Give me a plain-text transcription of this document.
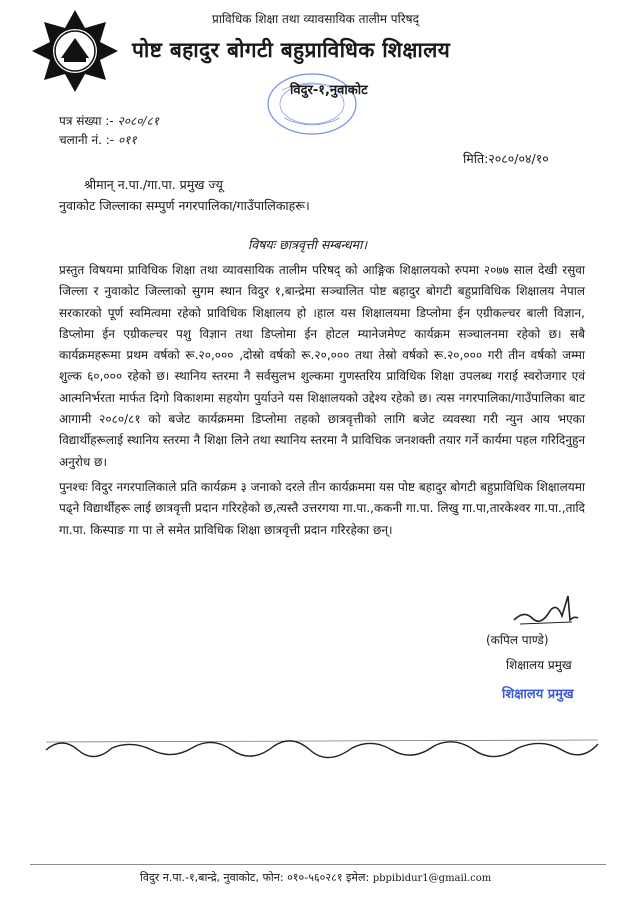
प्राविधिक शिक्षा तथा व्यावसायिक तालीम परिषद्
पोष्ट बहादुर बोगटी बहुप्राविधिक शिक्षालय
विदुर-१,नुवाकोट
पत्र संख्या :- २०८०/८१
चलानी नं. :- ०११
मिति:२०८०/०४/१०
श्रीमान् न.पा./गा.पा. प्रमुख ज्यू
नुवाकोट जिल्लाका सम्पुर्ण नगरपालिका/गाउँपालिकाहरू।
विषयः छात्रवृत्ती सम्बन्धमा।

प्रस्तुत विषयमा प्राविधिक शिक्षा तथा व्यावसायिक तालीम परिषद् को आङ्गिक शिक्षालयको रुपमा २०७७ साल देखी रसुवा जिल्ला र नुवाकोट जिल्लाको सुगम स्थान विदुर १,बान्द्रेमा सञ्चालित पोष्ट बहादुर बोगटी बहुप्राविधिक शिक्षालय नेपाल सरकारको पूर्ण स्वमित्वमा रहेको प्राविधिक शिक्षालय हो ।हाल यस शिक्षालयमा डिप्लोमा ईन एग्रीकल्चर बाली विज्ञान, डिप्लोमा ईन एग्रीकल्चर पशु विज्ञान तथा डिप्लोमा ईन होटल म्यानेजमेण्ट कार्यक्रम सञ्चालनमा रहेको छ। सबै कार्यक्रमहरूमा प्रथम वर्षको रू.२०,००० ,दोस्रो वर्षको रू.२०,००० तथा तेस्रो वर्षको रू.२०,००० गरी तीन वर्षको जम्मा शुल्क ६०,००० रहेको छ। स्थानिय स्तरमा नै सर्वसुलभ शुल्कमा गुणस्तरिय प्राविधिक शिक्षा उपलब्ध गराई स्वरोजगार एवं आत्मनिर्भरता मार्फत दिगो विकाशमा सहयोग पुर्याउने यस शिक्षालयको उद्देश्य रहेको छ। त्यस नगरपालिका/गाउँपालिका बाट आगामी २०८०/८१ को बजेट कार्यक्रममा डिप्लोमा तहको छात्रवृत्तीको लागि बजेट व्यवस्था गरी न्युन आय भएका विद्यार्थीहरूलाई स्थानिय स्तरमा नै शिक्षा लिने तथा स्थानिय स्तरमा नै प्राविधिक जनशक्ती तयार गर्ने कार्यमा पहल गरिदिनुहुन अनुरोध छ।

पुनश्चः विदुर नगरपालिकाले प्रति कार्यक्रम ३ जनाको दरले तीन कार्यक्रममा यस पोष्ट बहादुर बोगटी बहुप्राविधिक शिक्षालयमा पढ्ने विद्यार्थीहरू लाई छात्रवृत्ती प्रदान गरिरहेको छ,त्यस्तै उत्तरगया गा.पा.,ककनी गा.पा. लिखु गा.पा,तारकेश्वर गा.पा.,तादि गा.पा. किस्पाङ गा पा ले समेत प्राविधिक शिक्षा छात्रवृत्ती प्रदान गरिरहेका छन्।

(कपिल पाण्डे)
शिक्षालय प्रमुख
शिक्षालय प्रमुख
विदुर न.पा.-१,बान्द्रे, नुवाकोट, फोन: ०१०-५६०२८१ इमेल: pbpibidur1@gmail.com
